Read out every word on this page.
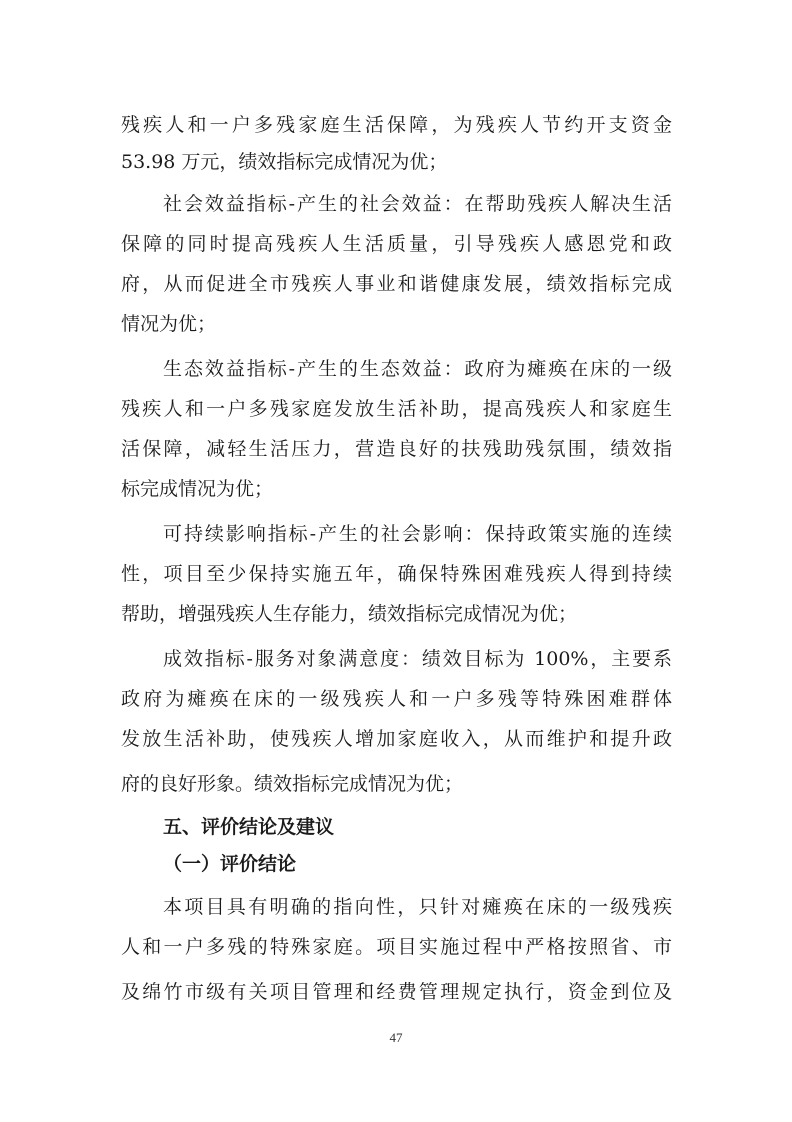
残疾人和一户多残家庭生活保障，为残疾人节约开支资金
53.98 万元，绩效指标完成情况为优；
社会效益指标-产生的社会效益：在帮助残疾人解决生活
保障的同时提高残疾人生活质量，引导残疾人感恩党和政
府，从而促进全市残疾人事业和谐健康发展，绩效指标完成
情况为优；
生态效益指标-产生的生态效益：政府为瘫痪在床的一级
残疾人和一户多残家庭发放生活补助，提高残疾人和家庭生
活保障，减轻生活压力，营造良好的扶残助残氛围，绩效指
标完成情况为优；
可持续影响指标-产生的社会影响：保持政策实施的连续
性，项目至少保持实施五年，确保特殊困难残疾人得到持续
帮助，增强残疾人生存能力，绩效指标完成情况为优；
成效指标-服务对象满意度：绩效目标为 100%，主要系
政府为瘫痪在床的一级残疾人和一户多残等特殊困难群体
发放生活补助，使残疾人增加家庭收入，从而维护和提升政
府的良好形象。绩效指标完成情况为优；
五、评价结论及建议
（一）评价结论
本项目具有明确的指向性，只针对瘫痪在床的一级残疾
人和一户多残的特殊家庭。项目实施过程中严格按照省、市
及绵竹市级有关项目管理和经费管理规定执行，资金到位及
47
